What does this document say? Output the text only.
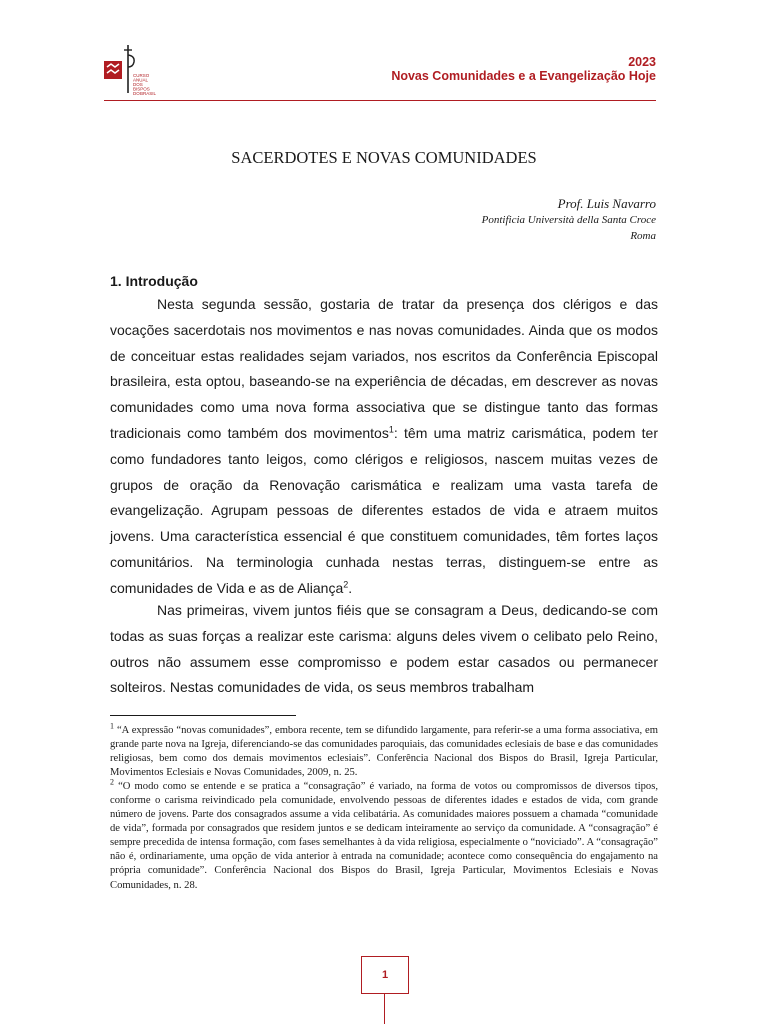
CURSO
ANUAL
DOS
BISPOS
DO BRASIL
2023
Novas Comunidades e a Evangelização Hoje
SACERDOTES E NOVAS COMUNIDADES
Prof. Luis Navarro
Pontificia Università della Santa Croce
Roma
1. Introdução
Nesta segunda sessão, gostaria de tratar da presença dos clérigos e das vocações sacerdotais nos movimentos e nas novas comunidades. Ainda que os modos de conceituar estas realidades sejam variados, nos escritos da Conferência Episcopal brasileira, esta optou, baseando-se na experiência de décadas, em descrever as novas comunidades como uma nova forma associativa que se distingue tanto das formas tradicionais como também dos movimentos$^1$: têm uma matriz carismática, podem ter como fundadores tanto leigos, como clérigos e religiosos, nascem muitas vezes de grupos de oração da Renovação carismática e realizam uma vasta tarefa de evangelização. Agrupam pessoas de diferentes estados de vida e atraem muitos jovens. Uma característica essencial é que constituem comunidades, têm fortes laços comunitários. Na terminologia cunhada nestas terras, distinguem-se entre as comunidades de Vida e as de Aliança$^2$.
Nas primeiras, vivem juntos fiéis que se consagram a Deus, dedicando-se com todas as suas forças a realizar este carisma: alguns deles vivem o celibato pelo Reino, outros não assumem esse compromisso e podem estar casados ou permanecer solteiros. Nestas comunidades de vida, os seus membros trabalham

$^1$ “A expressão “novas comunidades”, embora recente, tem se difundido largamente, para referir-se a uma forma associativa, em grande parte nova na Igreja, diferenciando-se das comunidades paroquiais, das comunidades eclesiais de base e das comunidades religiosas, bem como dos demais movimentos eclesiais”. Conferência Nacional dos Bispos do Brasil, Igreja Particular, Movimentos Eclesiais e Novas Comunidades, 2009, n. 25.

$^2$ “O modo como se entende e se pratica a “consagração” é variado, na forma de votos ou compromissos de diversos tipos, conforme o carisma reivindicado pela comunidade, envolvendo pessoas de diferentes idades e estados de vida, com grande número de jovens. Parte dos consagrados assume a vida celibatária. As comunidades maiores possuem a chamada “comunidade de vida”, formada por consagrados que residem juntos e se dedicam inteiramente ao serviço da comunidade. A “consagração” é sempre precedida de intensa formação, com fases semelhantes à da vida religiosa, especialmente o “noviciado”. A “consagração” não é, ordinariamente, uma opção de vida anterior à entrada na comunidade; acontece como consequência do engajamento na própria comunidade”. Conferência Nacional dos Bispos do Brasil, Igreja Particular, Movimentos Eclesiais e Novas Comunidades, n. 28.

1
